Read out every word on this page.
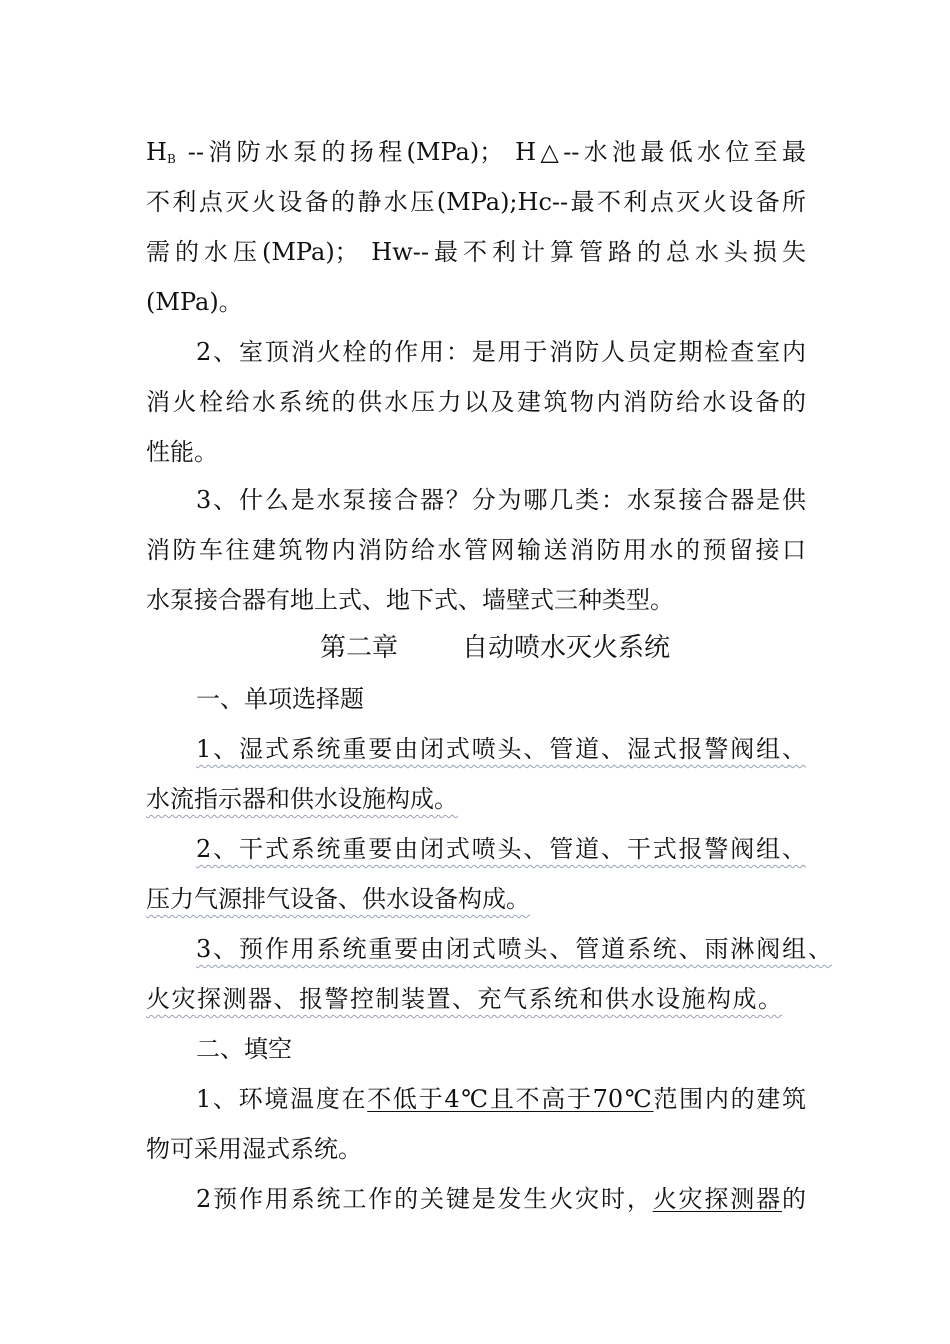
$H_B$ --消防水泵的扬程(MPa)； H△--水池最低水位至最
不利点灭火设备的静水压(MPa);Hc--最不利点灭火设备所
需的水压(MPa)； Hw--最不利计算管路的总水头损失
(MPa)。
2、室顶消火栓的作用：是用于消防人员定期检查室内
消火栓给水系统的供水压力以及建筑物内消防给水设备的
性能。
3、什么是水泵接合器？分为哪几类：水泵接合器是供
消防车往建筑物内消防给水管网输送消防用水的预留接口
水泵接合器有地上式、地下式、墙壁式三种类型。
第二章 自动喷水灭火系统
一、单项选择题
1、湿式系统重要由闭式喷头、管道、湿式报警阀组、
水流指示器和供水设施构成。
2、干式系统重要由闭式喷头、管道、干式报警阀组、
压力气源排气设备、供水设备构成。
3、预作用系统重要由闭式喷头、管道系统、雨淋阀组、
火灾探测器、报警控制装置、充气系统和供水设施构成。
二、填空
1、环境温度在不低于4℃且不高于70℃范围内的建筑
物可采用湿式系统。
2预作用系统工作的关键是发生火灾时，火灾探测器的
